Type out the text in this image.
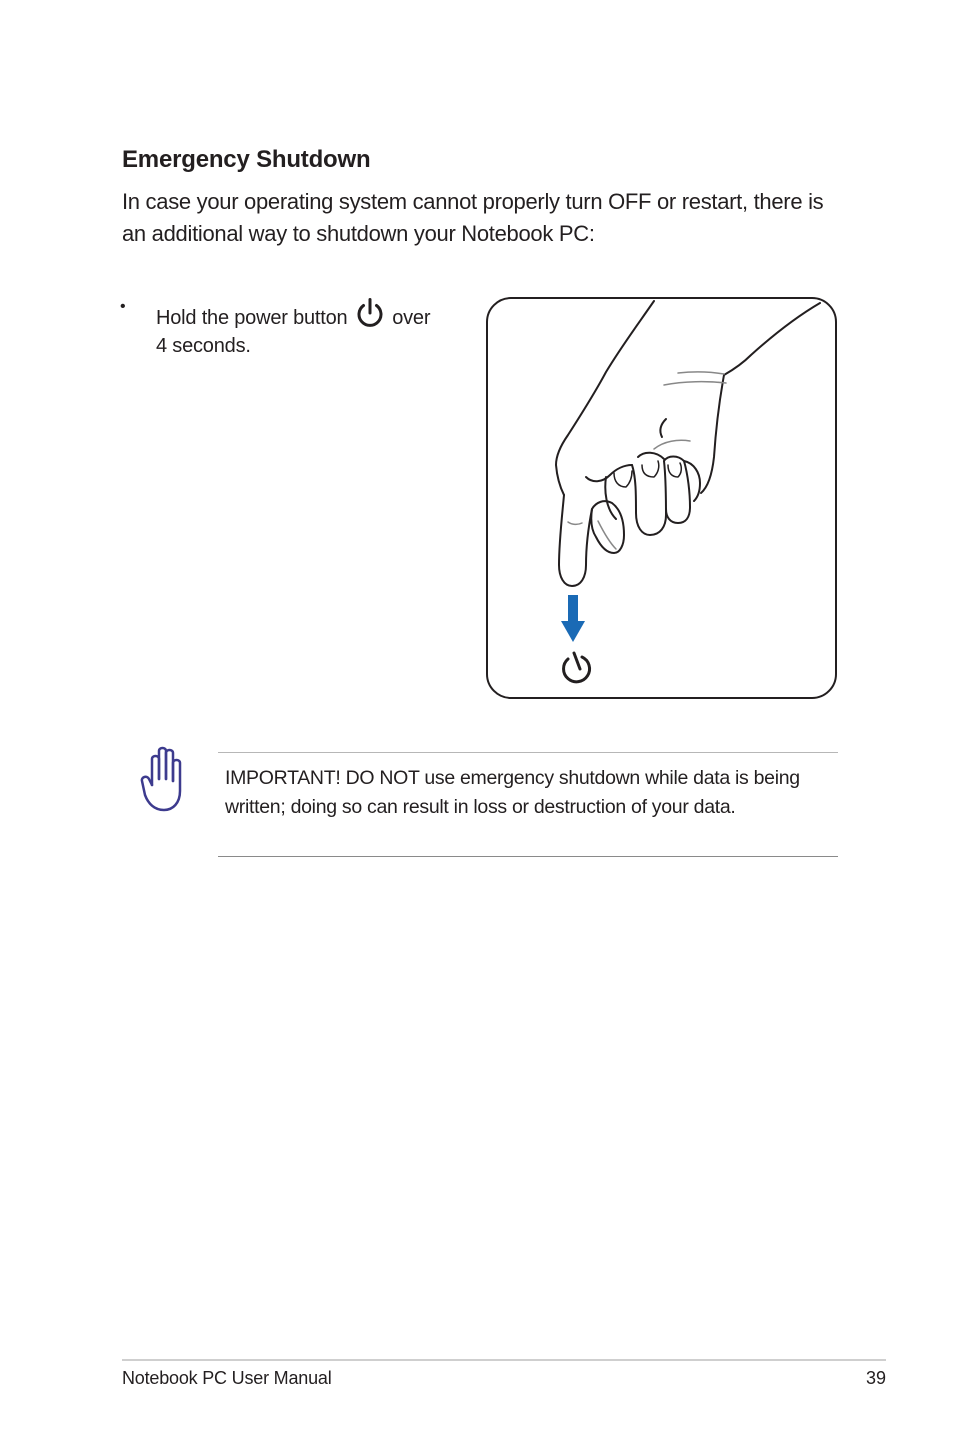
Emergency Shutdown

In case your operating system cannot properly turn OFF or restart, there is an additional way to shutdown your Notebook PC:

•
Hold the power button over
4 seconds.

IMPORTANT! DO NOT use emergency shutdown while data is being written; doing so can result in loss or destruction of your data.

Notebook PC User Manual	39
